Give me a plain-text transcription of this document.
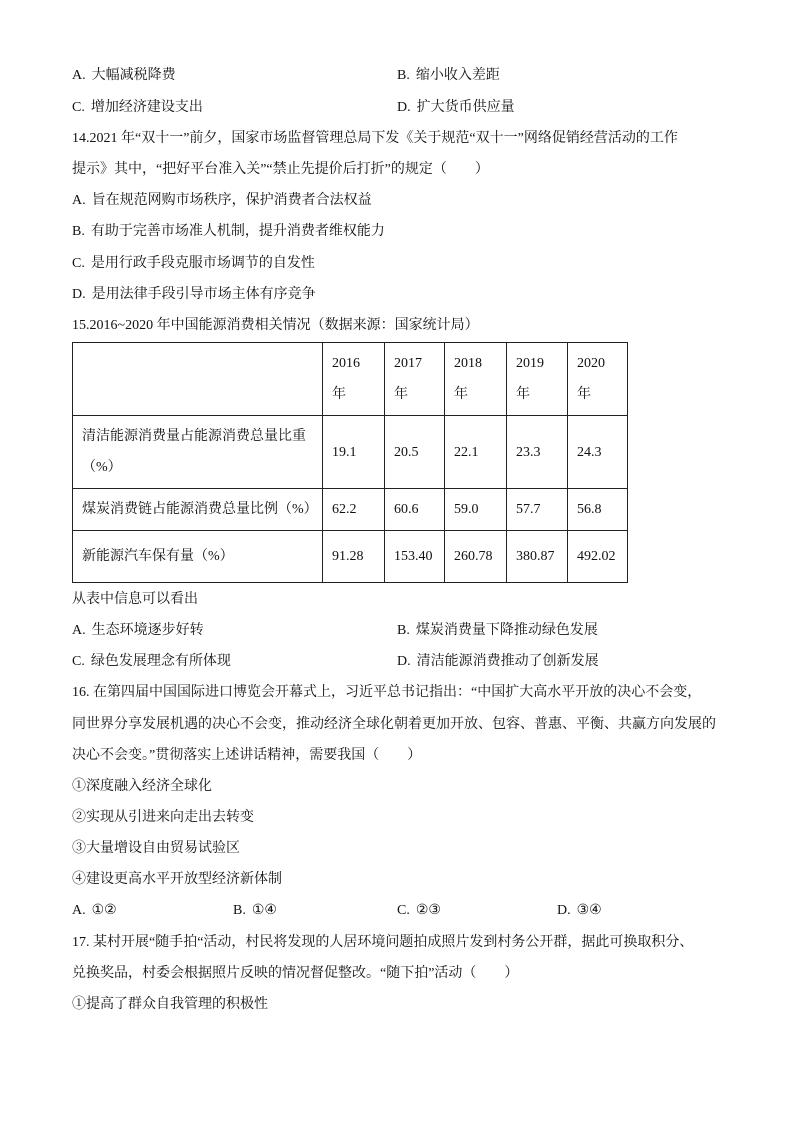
A. 大幅减税降费	B. 缩小收入差距
C. 增加经济建设支出	D. 扩大货币供应量
14.2021 年“双十一”前夕，国家市场监督管理总局下发《关于规范“双十一”网络促销经营活动的工作
提示》其中，“把好平台准入关”“禁止先提价后打折”的规定（　　）
A. 旨在规范网购市场秩序，保护消费者合法权益
B. 有助于完善市场准人机制，提升消费者维权能力
C. 是用行政手段克服市场调节的自发性
D. 是用法律手段引导市场主体有序竞争
15.2016~2020 年中国能源消费相关情况（数据来源：国家统计局）

	2016
年	2017
年	2018
年	2019
年	2020
年

清洁能源消费量占能源消费总量比重（%）	19.1	20.5	22.1	23.3	24.3
煤炭消费链占能源消费总量比例（%）	62.2	60.6	59.0	57.7	56.8
新能源汽车保有量（%）	91.28	153.40	260.78	380.87	492.02
从表中信息可以看出
A. 生态环境逐步好转	B. 煤炭消费量下降推动绿色发展
C. 绿色发展理念有所体现	D. 清洁能源消费推动了创新发展
16. 在第四届中国国际进口博览会开幕式上，习近平总书记指出：“中国扩大高水平开放的决心不会变，
同世界分享发展机遇的决心不会变，推动经济全球化朝着更加开放、包容、普惠、平衡、共赢方向发展的
决心不会变。”贯彻落实上述讲话精神，需要我国（　　）
①深度融入经济全球化
②实现从引进来向走出去转变
③大量增设自由贸易试验区
④建设更高水平开放型经济新体制
A. ①②	B. ①④	C. ②③	D. ③④
17. 某村开展“随手拍“活动，村民将发现的人居环境问题拍成照片发到村务公开群，据此可换取积分、
兑换奖品，村委会根据照片反映的情况督促整改。“随下拍”活动（　　）
①提高了群众自我管理的积极性
